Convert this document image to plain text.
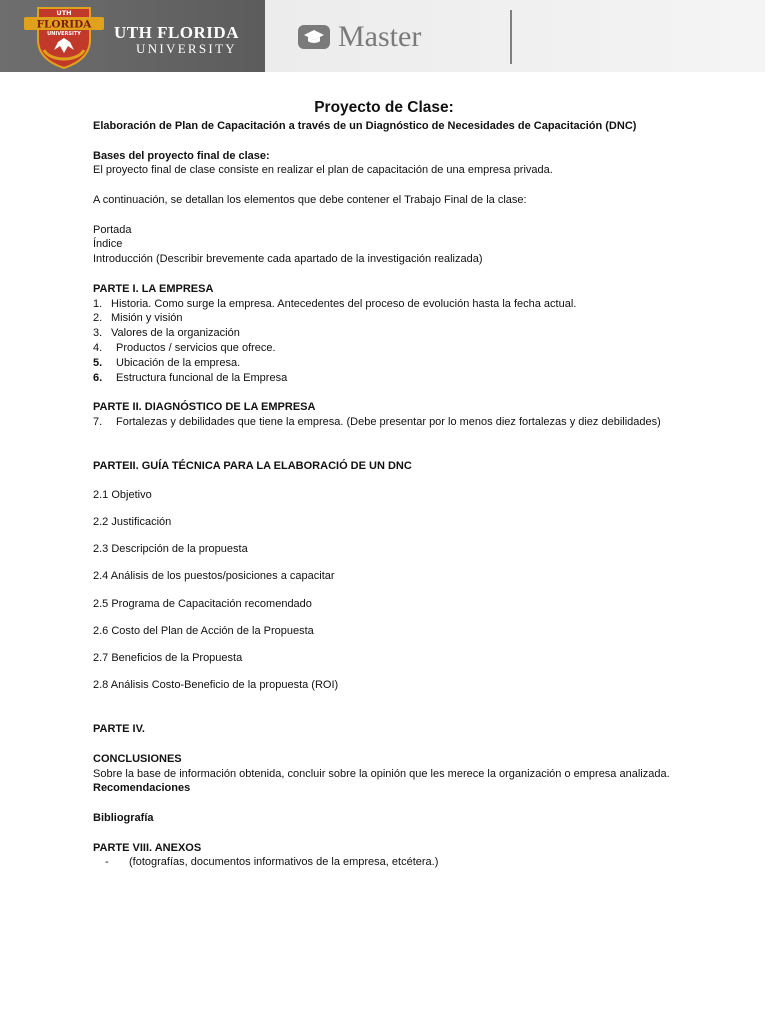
UTH
FLORIDA
UNIVERSITY UTH FLORIDA
UNIVERSITY	Master
Proyecto de Clase:

Elaboración de Plan de Capacitación a través de un Diagnóstico de Necesidades de Capacitación (DNC)

Bases del proyecto final de clase:

El proyecto final de clase consiste en realizar el plan de capacitación de una empresa privada.

A continuación, se detallan los elementos que debe contener el Trabajo Final de la clase:

Portada

Índice

Introducción (Describir brevemente cada apartado de la investigación realizada)

PARTE I. LA EMPRESA

1. Historia. Como surge la empresa. Antecedentes del proceso de evolución hasta la fecha actual.
2. Misión y visión
3. Valores de la organización
4.	Productos / servicios que ofrece.
5.	Ubicación de la empresa.
6.	Estructura funcional de la Empresa

PARTE II. DIAGNÓSTICO DE LA EMPRESA

7.	Fortalezas y debilidades que tiene la empresa. (Debe presentar por lo menos diez fortalezas y diez debilidades)

PARTEII. GUÍA TÉCNICA PARA LA ELABORACIÓ DE UN DNC

2.1 Objetivo

2.2 Justificación

2.3 Descripción de la propuesta

2.4 Análisis de los puestos/posiciones a capacitar

2.5 Programa de Capacitación recomendado

2.6 Costo del Plan de Acción de la Propuesta

2.7 Beneficios de la Propuesta

2.8 Análisis Costo-Beneficio de la propuesta (ROI)

PARTE IV.

CONCLUSIONES

Sobre la base de información obtenida, concluir sobre la opinión que les merece la organización o empresa analizada.

Recomendaciones

Bibliografía

PARTE VIII. ANEXOS

-	(fotografías, documentos informativos de la empresa, etcétera.)
